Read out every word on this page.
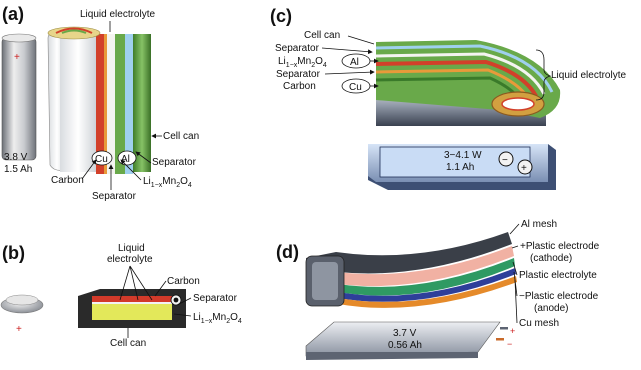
(a)
+
3.8 V
1.5 Ah
Liquid electrolyte
Cell can
Cu Al Separator
Carbon	$Li_{1-x}Mn_2O_4$
Separator
(b)
+
Liquid
electrolyte
Carbon
Separator
$Li_{1-x}Mn_2O_4$
Cell can
(c)
Cell can
Separator
$Li_{1-x}Mn_2O_4$ Al
Separator
Carbon	Cu
Liquid electrolyte
−
+
3−4.1 W
1.1 Ah
(d)
Al mesh
+Plastic electrode
(cathode)
Plastic electrolyte
−Plastic electrode
(anode)
Cu mesh
+
−
3.7 V
0.56 Ah
